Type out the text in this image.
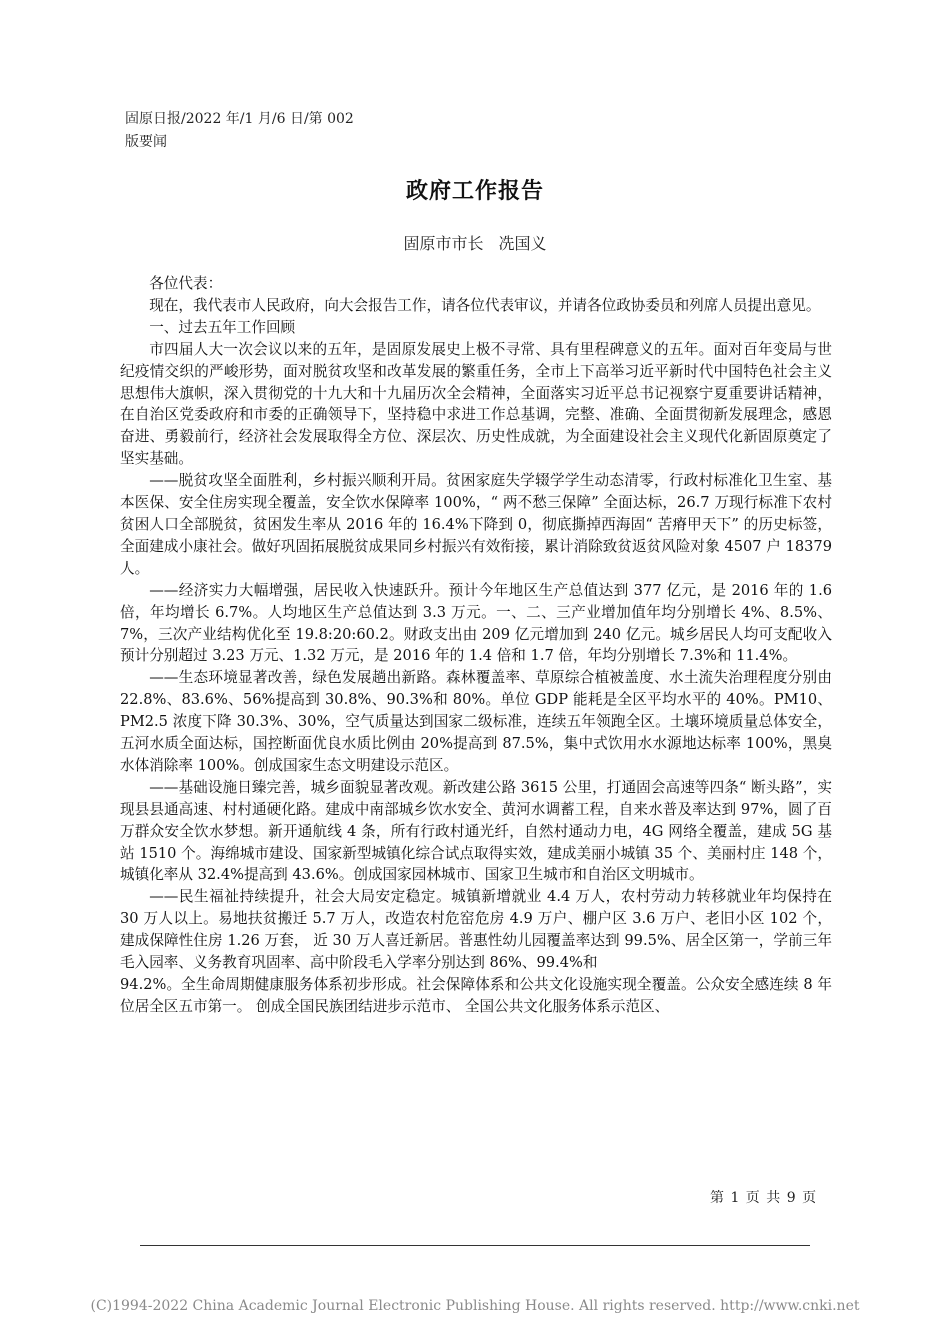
固原日报/2022 年/1 月/6 日/第 002
版要闻
政府工作报告
固原市市长 冼国义

各位代表：

现在，我代表市人民政府，向大会报告工作，请各位代表审议，并请各位政协委员和列席人员提出意见。

一、过去五年工作回顾

市四届人大一次会议以来的五年，是固原发展史上极不寻常、具有里程碑意义的五年。面对百年变局与世纪疫情交织的严峻形势，面对脱贫攻坚和改革发展的繁重任务，全市上下高举习近平新时代中国特色社会主义思想伟大旗帜，深入贯彻党的十九大和十九届历次全会精神，全面落实习近平总书记视察宁夏重要讲话精神，在自治区党委政府和市委的正确领导下，坚持稳中求进工作总基调，完整、准确、全面贯彻新发展理念，感恩奋进、勇毅前行，经济社会发展取得全方位、深层次、历史性成就，为全面建设社会主义现代化新固原奠定了坚实基础。

——脱贫攻坚全面胜利，乡村振兴顺利开局。贫困家庭失学辍学学生动态清零，行政村标准化卫生室、基本医保、安全住房实现全覆盖，安全饮水保障率 100%，“ 两不愁三保障” 全面达标，26.7 万现行标准下农村贫困人口全部脱贫，贫困发生率从 2016 年的 16.4%下降到 0，彻底撕掉西海固“ 苦瘠甲天下” 的历史标签，全面建成小康社会。做好巩固拓展脱贫成果同乡村振兴有效衔接，累计消除致贫返贫风险对象 4507 户 18379 人。

——经济实力大幅增强，居民收入快速跃升。预计今年地区生产总值达到 377 亿元，是 2016 年的 1.6 倍，年均增长 6.7%。人均地区生产总值达到 3.3 万元。一、二、三产业增加值年均分别增长 4%、8.5%、7%，三次产业结构优化至 19.8:20:60.2。财政支出由 209 亿元增加到 240 亿元。城乡居民人均可支配收入预计分别超过 3.23 万元、1.32 万元，是 2016 年的 1.4 倍和 1.7 倍，年均分别增长 7.3%和 11.4%。

——生态环境显著改善，绿色发展趟出新路。森林覆盖率、草原综合植被盖度、水土流失治理程度分别由 22.8%、83.6%、56%提高到 30.8%、90.3%和 80%。单位 GDP 能耗是全区平均水平的 40%。PM10、PM2.5 浓度下降 30.3%、30%，空气质量达到国家二级标准，连续五年领跑全区。土壤环境质量总体安全，五河水质全面达标，国控断面优良水质比例由 20%提高到 87.5%，集中式饮用水水源地达标率 100%，黑臭水体消除率 100%。创成国家生态文明建设示范区。

——基础设施日臻完善，城乡面貌显著改观。新改建公路 3615 公里，打通固会高速等四条“ 断头路”，实现县县通高速、村村通硬化路。建成中南部城乡饮水安全、黄河水调蓄工程，自来水普及率达到 97%，圆了百万群众安全饮水梦想。新开通航线 4 条，所有行政村通光纤，自然村通动力电，4G 网络全覆盖，建成 5G 基站 1510 个。海绵城市建设、国家新型城镇化综合试点取得实效，建成美丽小城镇 35 个、美丽村庄 148 个，城镇化率从 32.4%提高到 43.6%。创成国家园林城市、国家卫生城市和自治区文明城市。

——民生福祉持续提升，社会大局安定稳定。城镇新增就业 4.4 万人，农村劳动力转移就业年均保持在 30 万人以上。易地扶贫搬迁 5.7 万人，改造农村危窑危房 4.9 万户、棚户区 3.6 万户、老旧小区 102 个， 建成保障性住房 1.26 万套， 近 30 万人喜迁新居。普惠性幼儿园覆盖率达到 99.5%、居全区第一，学前三年毛入园率、义务教育巩固率、高中阶段毛入学率分别达到 86%、99.4%和

94.2%。全生命周期健康服务体系初步形成。社会保障体系和公共文化设施实现全覆盖。公众安全感连续 8 年位居全区五市第一。 创成全国民族团结进步示范市、 全国公共文化服务体系示范区、

第 1 页 共 9 页
(C)1994-2022 China Academic Journal Electronic Publishing House. All rights reserved. http://www.cnki.net
